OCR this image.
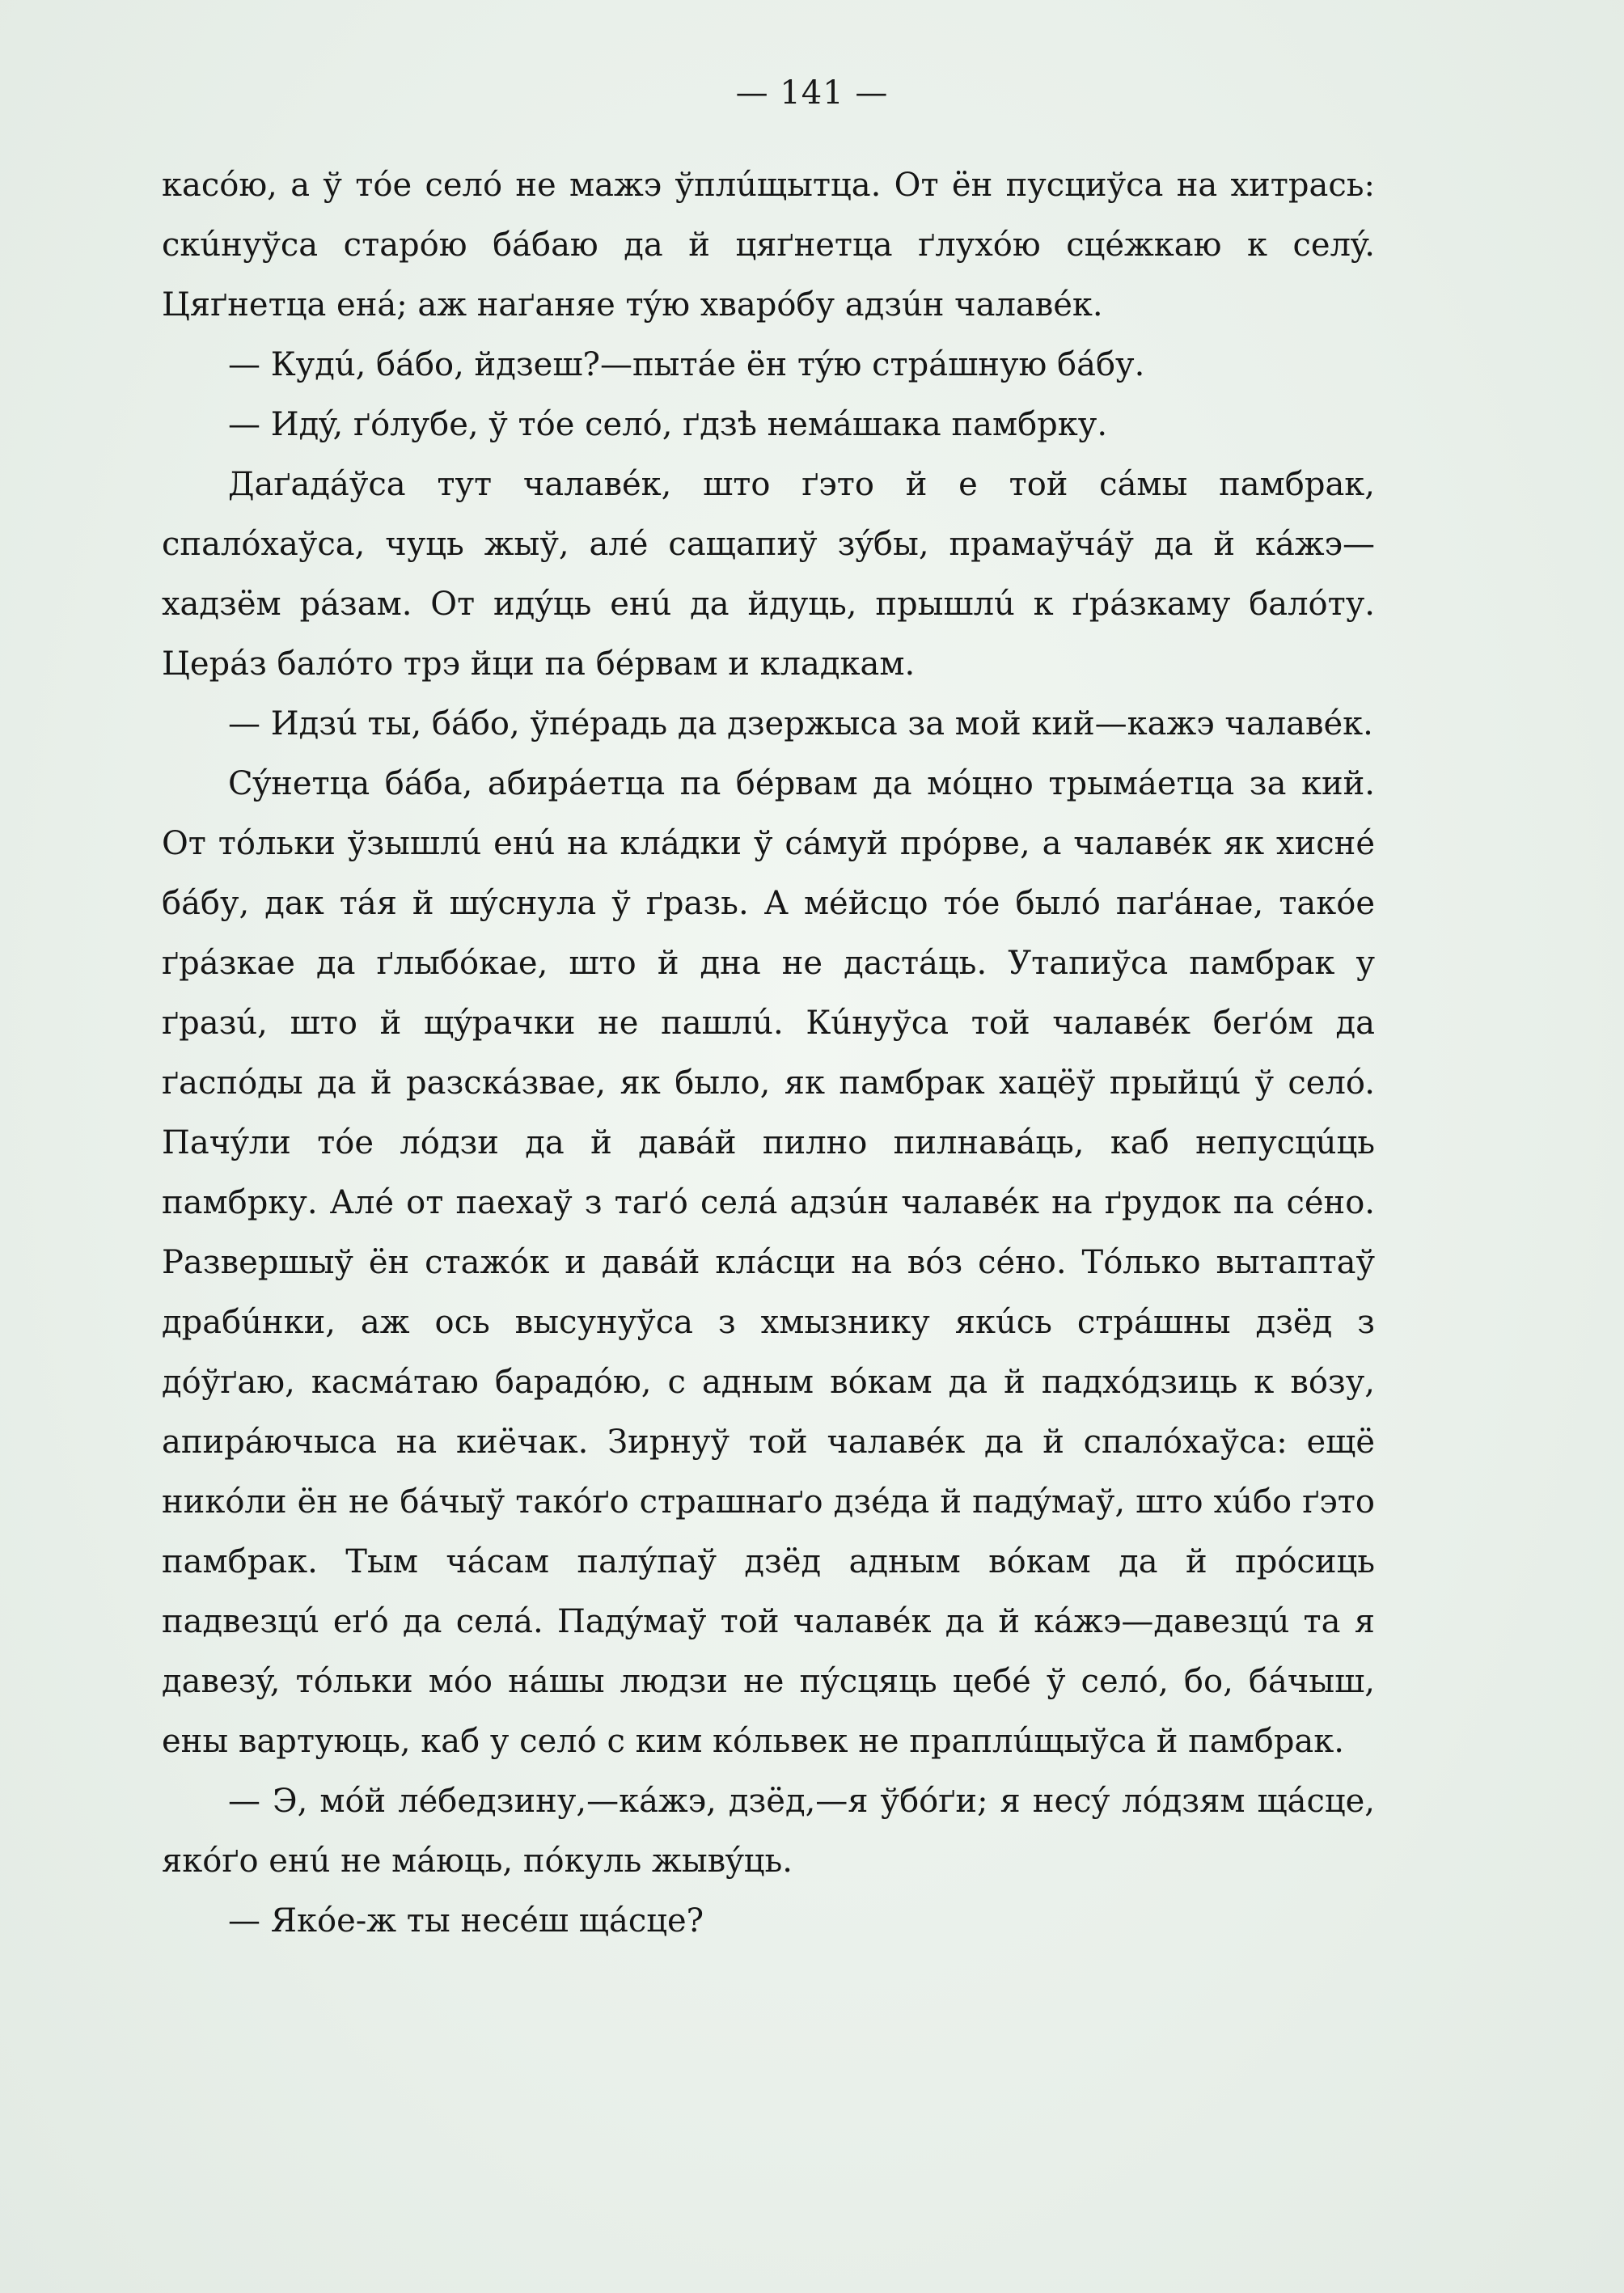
— 141 —

касóю, а ў тóе селó не мажэ ўплúщытца. От ён пусциўса на хитрась: скúнуўса старóю бáбаю да й цяґнетца ґлухóю сцéжкаю к селý. Цяґнетца енá; аж наґаняе тýю хварóбу адзúн чалаве́к.

— Кудú, бáбо, йдзеш?—пытáе ён тýю стрáшную бáбу.

— Идý, ґóлубе, ў тóе селó, ґдзѣ немáшака памбрку.

Даґадáўса тут чалаве́к, што ґэто й е той сáмы памбрак, спалóхаўса, чуць жыў, алé сащапиў зýбы, прамаўчáў да й кáжэ—хадзём рáзам. От идýць енú да йдуць, прышлú к ґрáзкаму балóту. Церáз балóто трэ йци па бéрвам и кладкам.

— Идзú ты, бáбо, ўпéрадь да дзержыса за мой кий—кажэ чалаве́к.

Сýнетца бáба, абирáетца па бéрвам да мóцно трымáетца за кий. От тóльки ўзышлú енú на клáдки ў сáмуй прóрве, а чалаве́к як хиснé бáбу, дак тáя й шýснула ў ґразь. А мéйсцо тóе былó паґáнае, такóе ґрáзкае да ґлыбóкае, што й дна не дастáць. Утапиўса памбрак у ґразú, што й щýрачки не пашлú. Кúнуўса той чалаве́к беґóм да ґаспóды да й разскáзвае, як было, як памбрак хацёў прыйцú ў селó. Пачýли тóе лóдзи да й давáй пилно пилнавáць, каб непусцúць памбрку. Алé от паехаў з таґó селá адзúн чалаве́к на ґрудок па сéно. Развершыў ён стажóк и давáй клáсци на вóз сéно. Тóлько вытаптаў драбúнки, аж ось высунуўса з хмызнику якúсь стрáшны дзёд з дóўґаю, касмáтаю барадóю, с адным вóкам да й падхóдзиць к вóзу, апирáючыса на киёчак. Зирнуў той чалаве́к да й спалóхаўса: ещё никóли ён не бáчыў такóґо страшнаґо дзéда й падýмаў, што хúбо ґэто памбрак. Тым чáсам палýпаў дзёд адным вóкам да й прóсиць падвезцú еґó да селá. Падýмаў той чалаве́к да й кáжэ—давезцú та я давезý, тóльки мóо нáшы людзи не пýсцяць цебé ў селó, бо, бáчыш, ены вартуюць, каб у селó с ким кóльвек не праплúщыўса й памбрак.

— Э, мóй лéбедзину,—кáжэ, дзёд,—я ўбóґи; я несý лóдзям щáсце, якóґо енú не мáюць, пóкуль жывýць.

— Якóе-ж ты несéш щáсце?
